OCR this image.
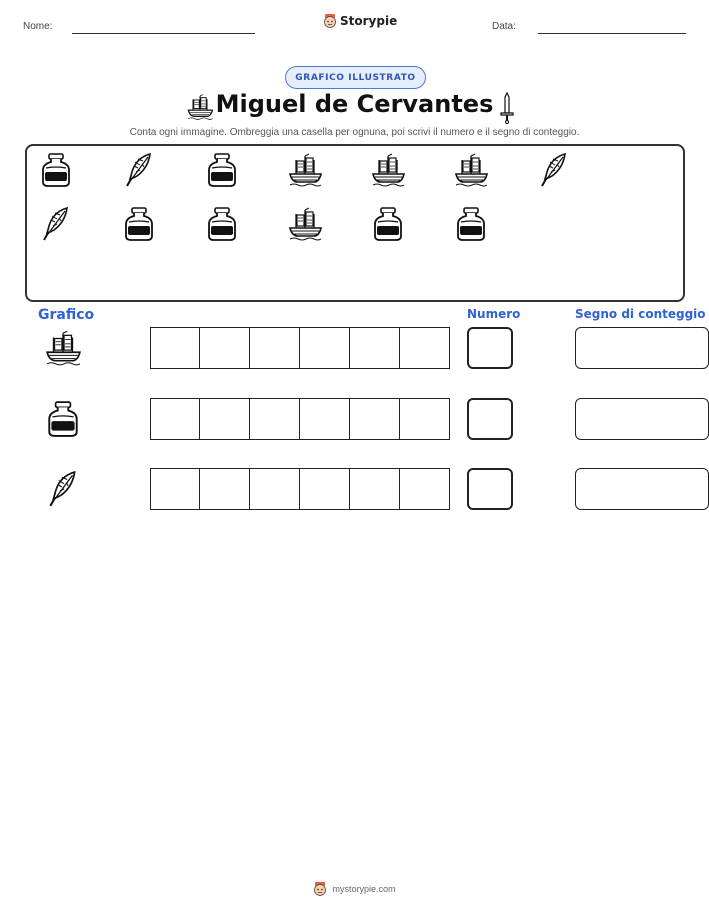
Nome:	Storypie	Data:
GRAFICO ILLUSTRATO
Miguel de Cervantes
Conta ogni immagine. Ombreggia una casella per ognuna, poi scrivi il numero e il segno di conteggio.
Grafico	Numero	Segno di conteggio
mystorypie.com
